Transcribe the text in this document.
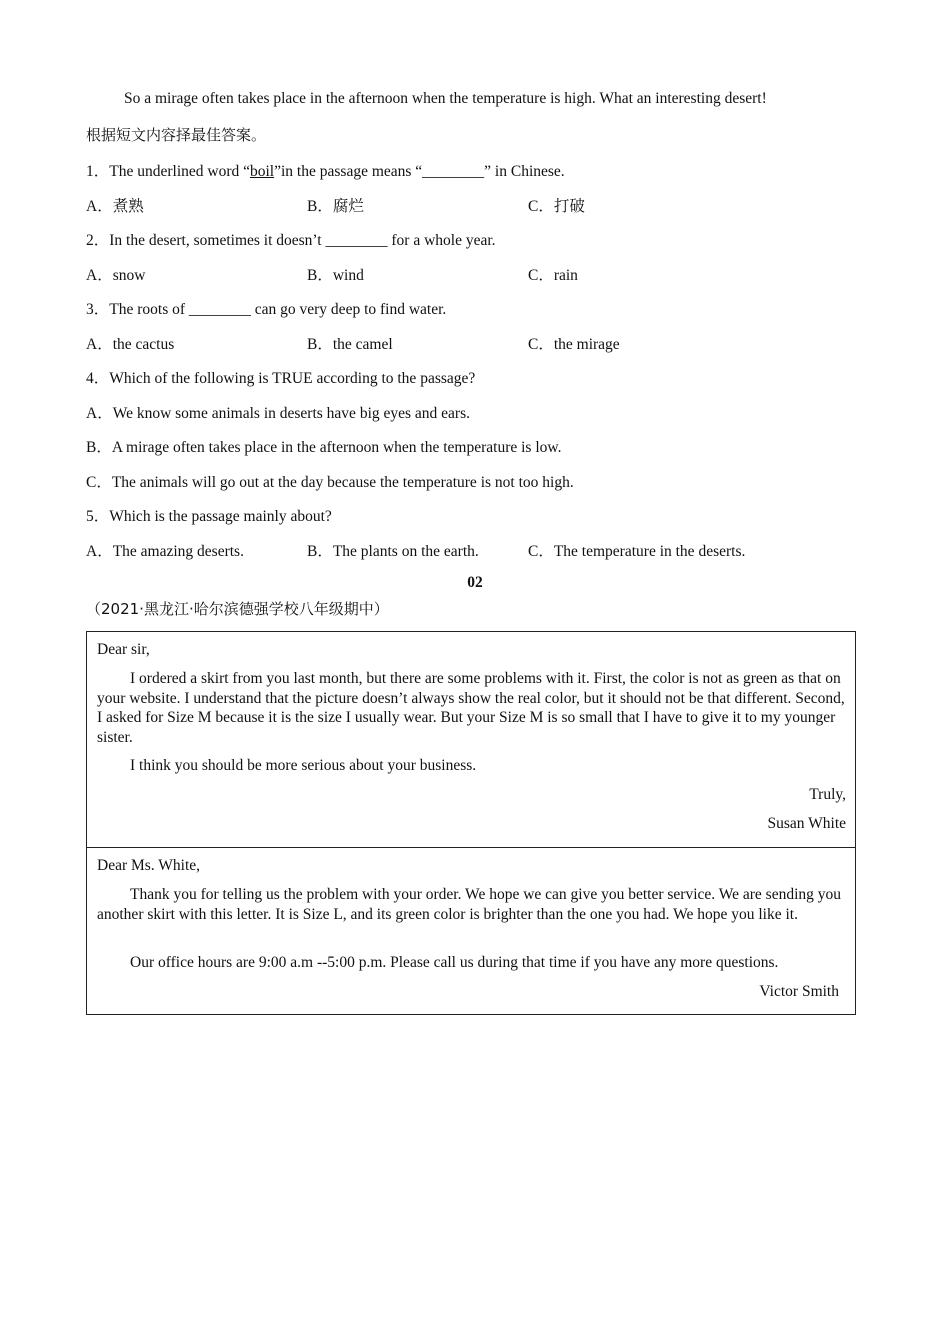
So a mirage often takes place in the afternoon when the temperature is high. What an interesting desert!
根据短文内容择最佳答案。
1．The underlined word “boil”in the passage means “________” in Chinese.
A．煮熟	B．腐烂	C．打破
2．In the desert, sometimes it doesn’t ________ for a whole year.
A．snow	B．wind	C．rain
3．The roots of ________ can go very deep to find water.
A．the cactus	B．the camel	C．the mirage
4．Which of the following is TRUE according to the passage?
A．We know some animals in deserts have big eyes and ears.
B．A mirage often takes place in the afternoon when the temperature is low.
C．The animals will go out at the day because the temperature is not too high.
5．Which is the passage mainly about?
A．The amazing deserts.	B．The plants on the earth.	C．The temperature in the deserts.
02
（2021·黑龙江·哈尔滨德强学校八年级期中）

Dear sir,

I ordered a skirt from you last month, but there are some problems with it. First, the color is not as green as that on your website. I understand that the picture doesn’t always show the real color, but it should not be that different. Second, I asked for Size M because it is the size I usually wear. But your Size M is so small that I have to give it to my younger sister.

I think you should be more serious about your business.

Truly,

Susan White

Dear Ms. White,

Thank you for telling us the problem with your order. We hope we can give you better service. We are sending you another skirt with this letter. It is Size L, and its green color is brighter than the one you had. We hope you like it.

Our office hours are 9:00 a.m --5:00 p.m. Please call us during that time if you have any more questions.

Victor Smith
